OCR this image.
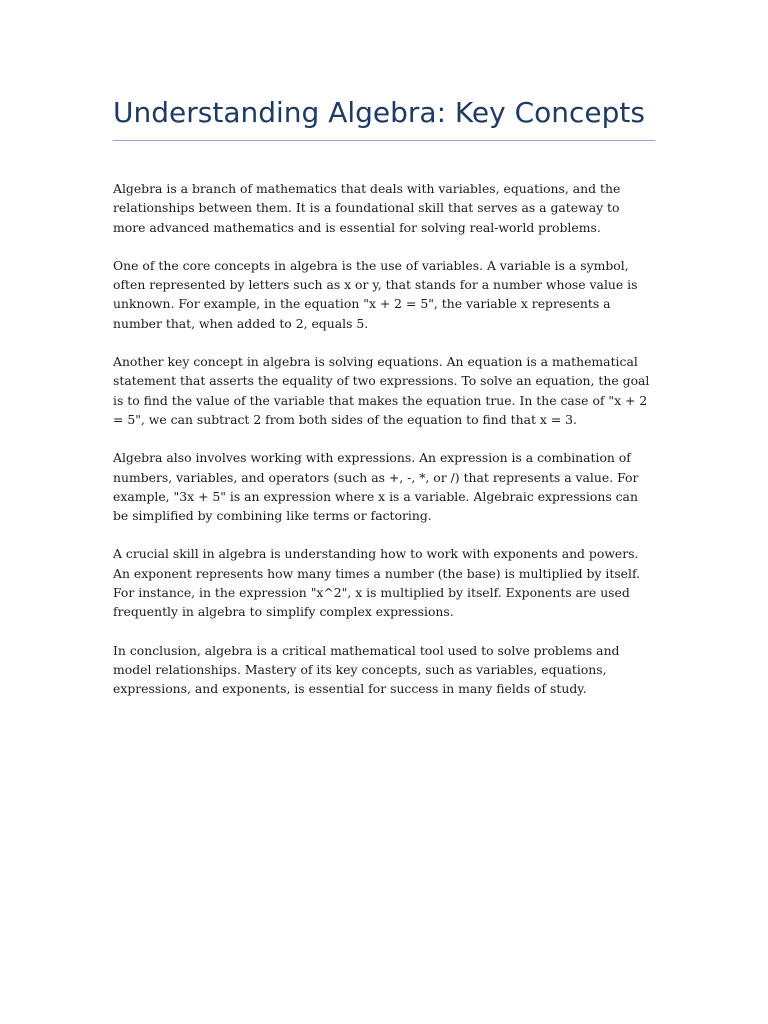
Understanding Algebra: Key Concepts

Algebra is a branch of mathematics that deals with variables, equations, and the relationships between them. It is a foundational skill that serves as a gateway to more advanced mathematics and is essential for solving real-world problems.

One of the core concepts in algebra is the use of variables. A variable is a symbol, often represented by letters such as x or y, that stands for a number whose value is unknown. For example, in the equation "x + 2 = 5", the variable x represents a number that, when added to 2, equals 5.

Another key concept in algebra is solving equations. An equation is a mathematical statement that asserts the equality of two expressions. To solve an equation, the goal is to find the value of the variable that makes the equation true. In the case of "x + 2 = 5", we can subtract 2 from both sides of the equation to find that x = 3.

Algebra also involves working with expressions. An expression is a combination of numbers, variables, and operators (such as +, -, *, or /) that represents a value. For example, "3x + 5" is an expression where x is a variable. Algebraic expressions can be simplified by combining like terms or factoring.

A crucial skill in algebra is understanding how to work with exponents and powers. An exponent represents how many times a number (the base) is multiplied by itself. For instance, in the expression "x^2", x is multiplied by itself. Exponents are used frequently in algebra to simplify complex expressions.

In conclusion, algebra is a critical mathematical tool used to solve problems and model relationships. Mastery of its key concepts, such as variables, equations, expressions, and exponents, is essential for success in many fields of study.
